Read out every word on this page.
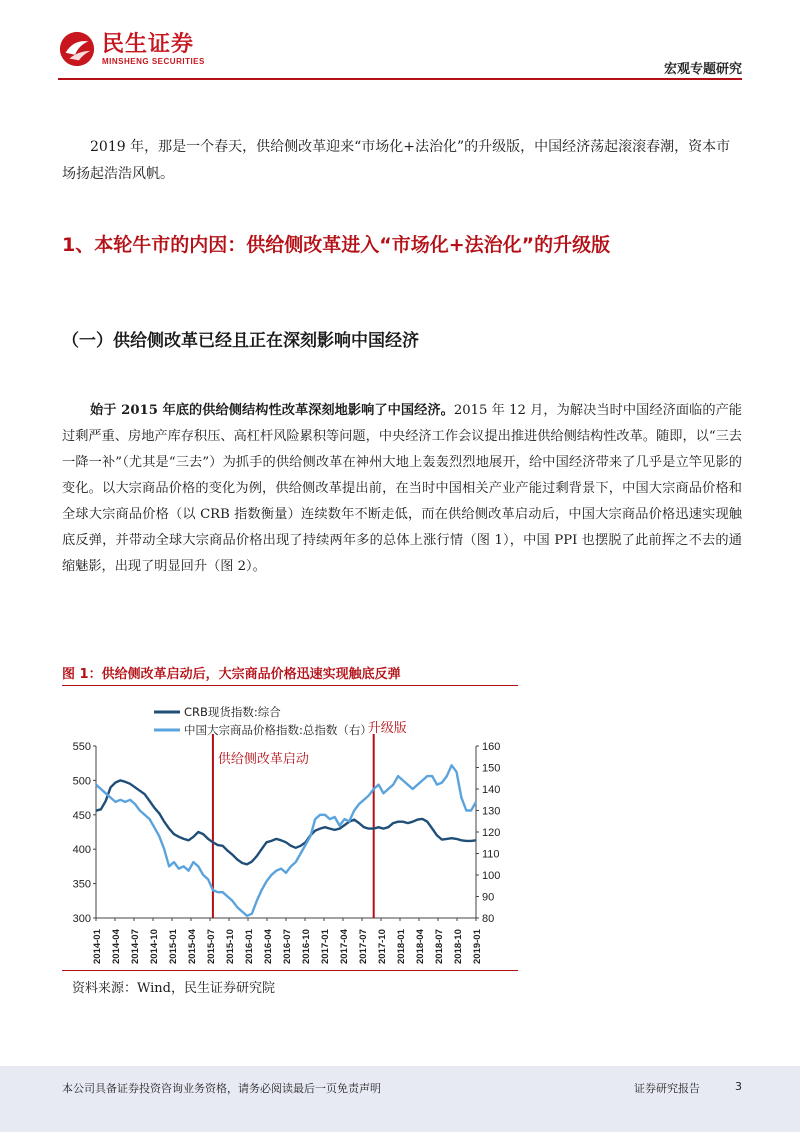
民生证券
MINSHENG SECURITIES
宏观专题研究

2019 年，那是一个春天，供给侧改革迎来“市场化+法治化”的升级版，中国经济荡起滚滚春潮，资本市场扬起浩浩风帆。

1、本轮牛市的内因：供给侧改革进入“市场化+法治化”的升级版
（一）供给侧改革已经且正在深刻影响中国经济

始于 2015 年底的供给侧结构性改革深刻地影响了中国经济。2015 年 12 月，为解决当时中国经济面临的产能过剩严重、房地产库存积压、高杠杆风险累积等问题，中央经济工作会议提出推进供给侧结构性改革。随即，以“三去一降一补”（尤其是“三去”）为抓手的供给侧改革在神州大地上轰轰烈烈地展开，给中国经济带来了几乎是立竿见影的变化。以大宗商品价格的变化为例，供给侧改革提出前，在当时中国相关产业产能过剩背景下，中国大宗商品价格和全球大宗商品价格（以 CRB 指数衡量）连续数年不断走低，而在供给侧改革启动后，中国大宗商品价格迅速实现触底反弹，并带动全球大宗商品价格出现了持续两年多的总体上涨行情（图 1），中国 PPI 也摆脱了此前挥之不去的通缩魅影，出现了明显回升（图 2）。

图 1：供给侧改革启动后，大宗商品价格迅速实现触底反弹
300
350
400
450
500
550
80
90
100
110
120
130
140
150
160
2014-01 2014-04 2014-07 2014-10 2015-01 2015-04 2015-07 2015-10 2016-01 2016-04 2016-07 2016-10 2017-01 2017-04 2017-07 2017-10 2018-01 2018-04 2018-07 2018-10 2019-01
供给侧改革启动
升级版
CRB现货指数:综合
中国大宗商品价格指数:总指数（右）
资料来源：Wind，民生证券研究院
本公司具备证券投资咨询业务资格，请务必阅读最后一页免责声明	证券研究报告	3
